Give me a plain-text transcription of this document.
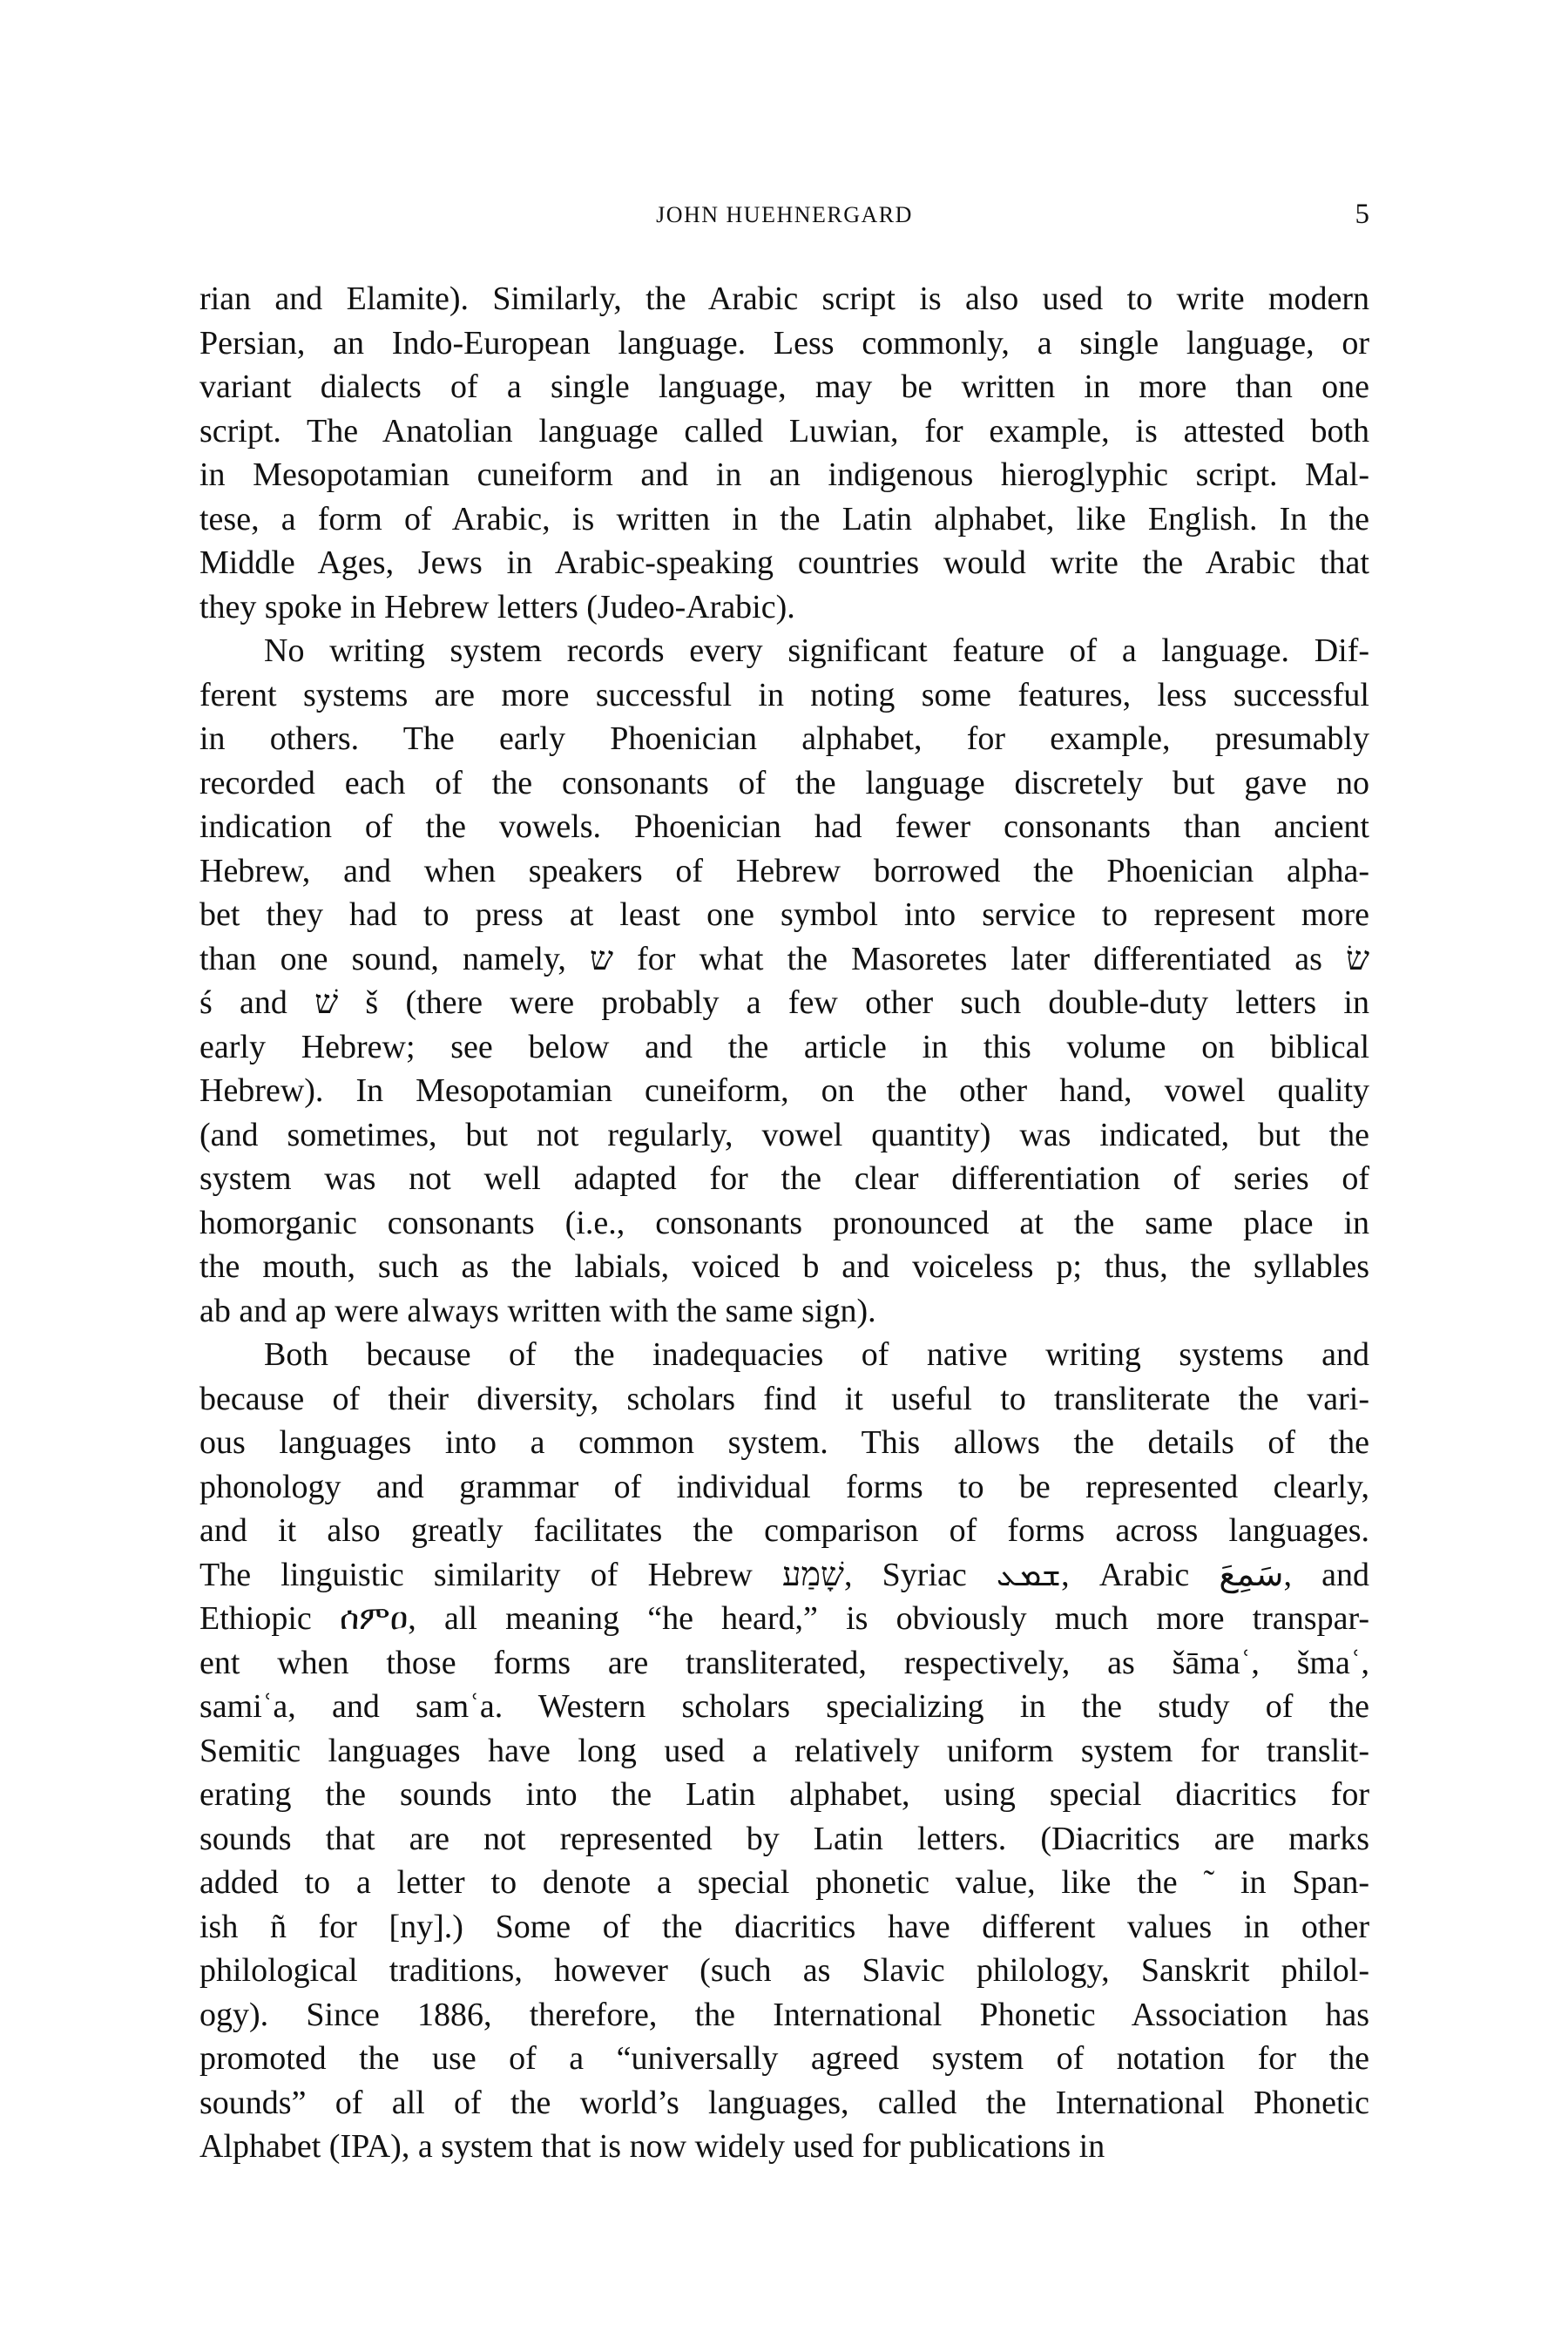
JOHN HUEHNERGARD	5
rian and Elamite). Similarly, the Arabic script is also used to write modern
Persian, an Indo-European language. Less commonly, a single language, or
variant dialects of a single language, may be written in more than one
script. The Anatolian language called Luwian, for example, is attested both
in Mesopotamian cuneiform and in an indigenous hieroglyphic script. Mal-
tese, a form of Arabic, is written in the Latin alphabet, like English. In the
Middle Ages, Jews in Arabic-speaking countries would write the Arabic that
they spoke in Hebrew letters (Judeo-Arabic).
No writing system records every significant feature of a language. Dif-
ferent systems are more successful in noting some features, less successful
in others. The early Phoenician alphabet, for example, presumably
recorded each of the consonants of the language discretely but gave no
indication of the vowels. Phoenician had fewer consonants than ancient
Hebrew, and when speakers of Hebrew borrowed the Phoenician alpha-
bet they had to press at least one symbol into service to represent more
than one sound, namely, ש for what the Masoretes later differentiated as שׂ
ś and שׁ š (there were probably a few other such double-duty letters in
early Hebrew; see below and the article in this volume on biblical
Hebrew). In Mesopotamian cuneiform, on the other hand, vowel quality
(and sometimes, but not regularly, vowel quantity) was indicated, but the
system was not well adapted for the clear differentiation of series of
homorganic consonants (i.e., consonants pronounced at the same place in
the mouth, such as the labials, voiced b and voiceless p; thus, the syllables
ab and ap were always written with the same sign).
Both because of the inadequacies of native writing systems and
because of their diversity, scholars find it useful to transliterate the vari-
ous languages into a common system. This allows the details of the
phonology and grammar of individual forms to be represented clearly,
and it also greatly facilitates the comparison of forms across languages.
The linguistic similarity of Hebrew שָׁמַע, Syriac ܫܡܥ, Arabic سَمِعَ, and
Ethiopic ሰምዐ, all meaning “he heard,” is obviously much more transpar-
ent when those forms are transliterated, respectively, as šāmaʿ, šmaʿ,
samiʿa, and samʿa. Western scholars specializing in the study of the
Semitic languages have long used a relatively uniform system for translit-
erating the sounds into the Latin alphabet, using special diacritics for
sounds that are not represented by Latin letters. (Diacritics are marks
added to a letter to denote a special phonetic value, like the ˜ in Span-
ish ñ for [ny].) Some of the diacritics have different values in other
philological traditions, however (such as Slavic philology, Sanskrit philol-
ogy). Since 1886, therefore, the International Phonetic Association has
promoted the use of a “universally agreed system of notation for the
sounds” of all of the world’s languages, called the International Phonetic
Alphabet (IPA), a system that is now widely used for publications in
